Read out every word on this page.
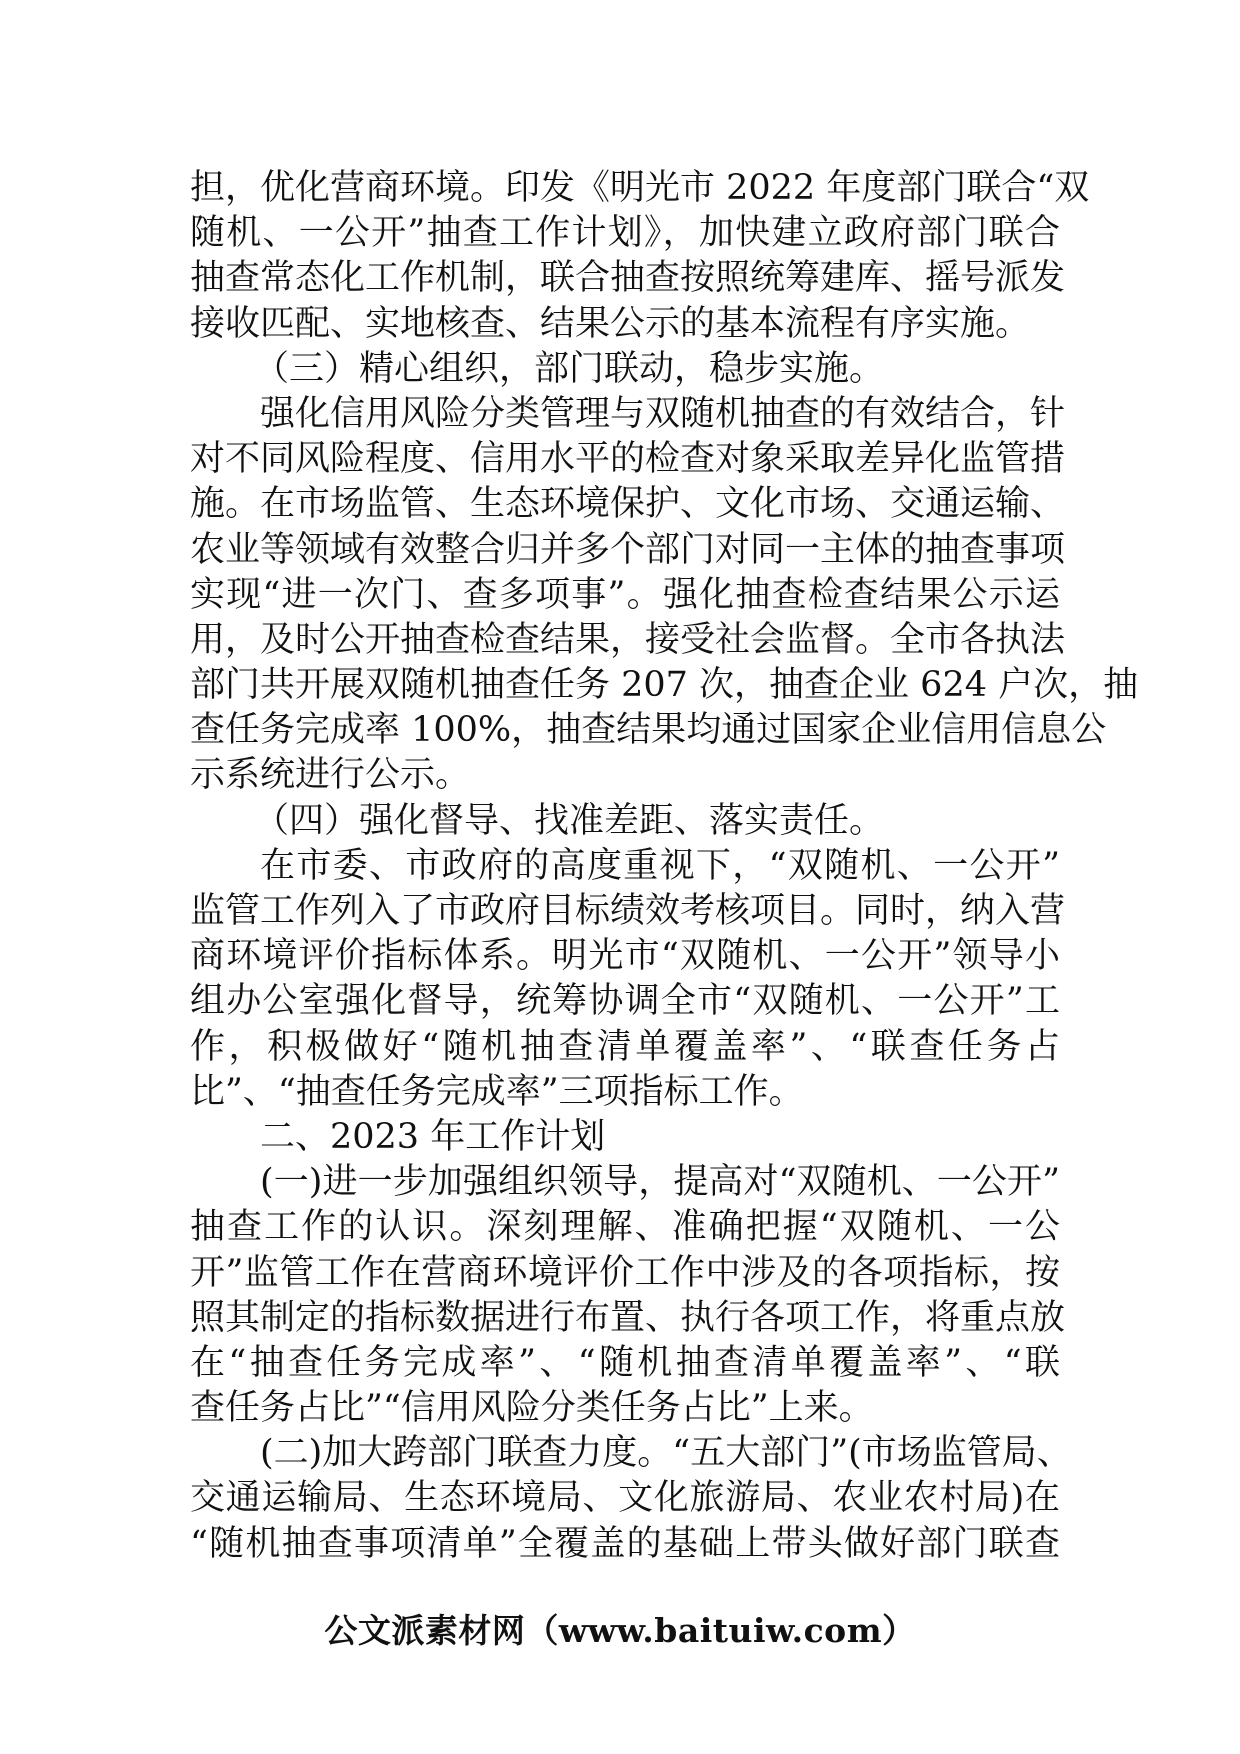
担，优化营商环境。印发《明光市 2022 年度部门联合“双
随机、一公开”抽查工作计划》，加快建立政府部门联合
抽查常态化工作机制，联合抽查按照统筹建库、摇号派发
接收匹配、实地核查、结果公示的基本流程有序实施。
（三）精心组织，部门联动，稳步实施。
强化信用风险分类管理与双随机抽查的有效结合，针
对不同风险程度、信用水平的检查对象采取差异化监管措
施。在市场监管、生态环境保护、文化市场、交通运输、
农业等领域有效整合归并多个部门对同一主体的抽查事项
实现“进一次门、查多项事”。强化抽查检查结果公示运
用，及时公开抽查检查结果，接受社会监督。全市各执法
部门共开展双随机抽查任务 207 次，抽查企业 624 户次，抽
查任务完成率 100%，抽查结果均通过国家企业信用信息公
示系统进行公示。
（四）强化督导、找准差距、落实责任。
在市委、市政府的高度重视下，“双随机、一公开”
监管工作列入了市政府目标绩效考核项目。同时，纳入营
商环境评价指标体系。明光市“双随机、一公开”领导小
组办公室强化督导，统筹协调全市“双随机、一公开”工
作，积极做好“随机抽查清单覆盖率”、“联查任务占
比”、“抽查任务完成率”三项指标工作。
二、2023 年工作计划
(一)进一步加强组织领导，提高对“双随机、一公开”
抽查工作的认识。深刻理解、准确把握“双随机、一公
开”监管工作在营商环境评价工作中涉及的各项指标，按
照其制定的指标数据进行布置、执行各项工作，将重点放
在“抽查任务完成率”、“随机抽查清单覆盖率”、“联
查任务占比”“信用风险分类任务占比”上来。
(二)加大跨部门联查力度。“五大部门”(市场监管局、
交通运输局、生态环境局、文化旅游局、农业农村局)在
“随机抽查事项清单”全覆盖的基础上带头做好部门联查
公文派素材网（www.baituiw.com）
